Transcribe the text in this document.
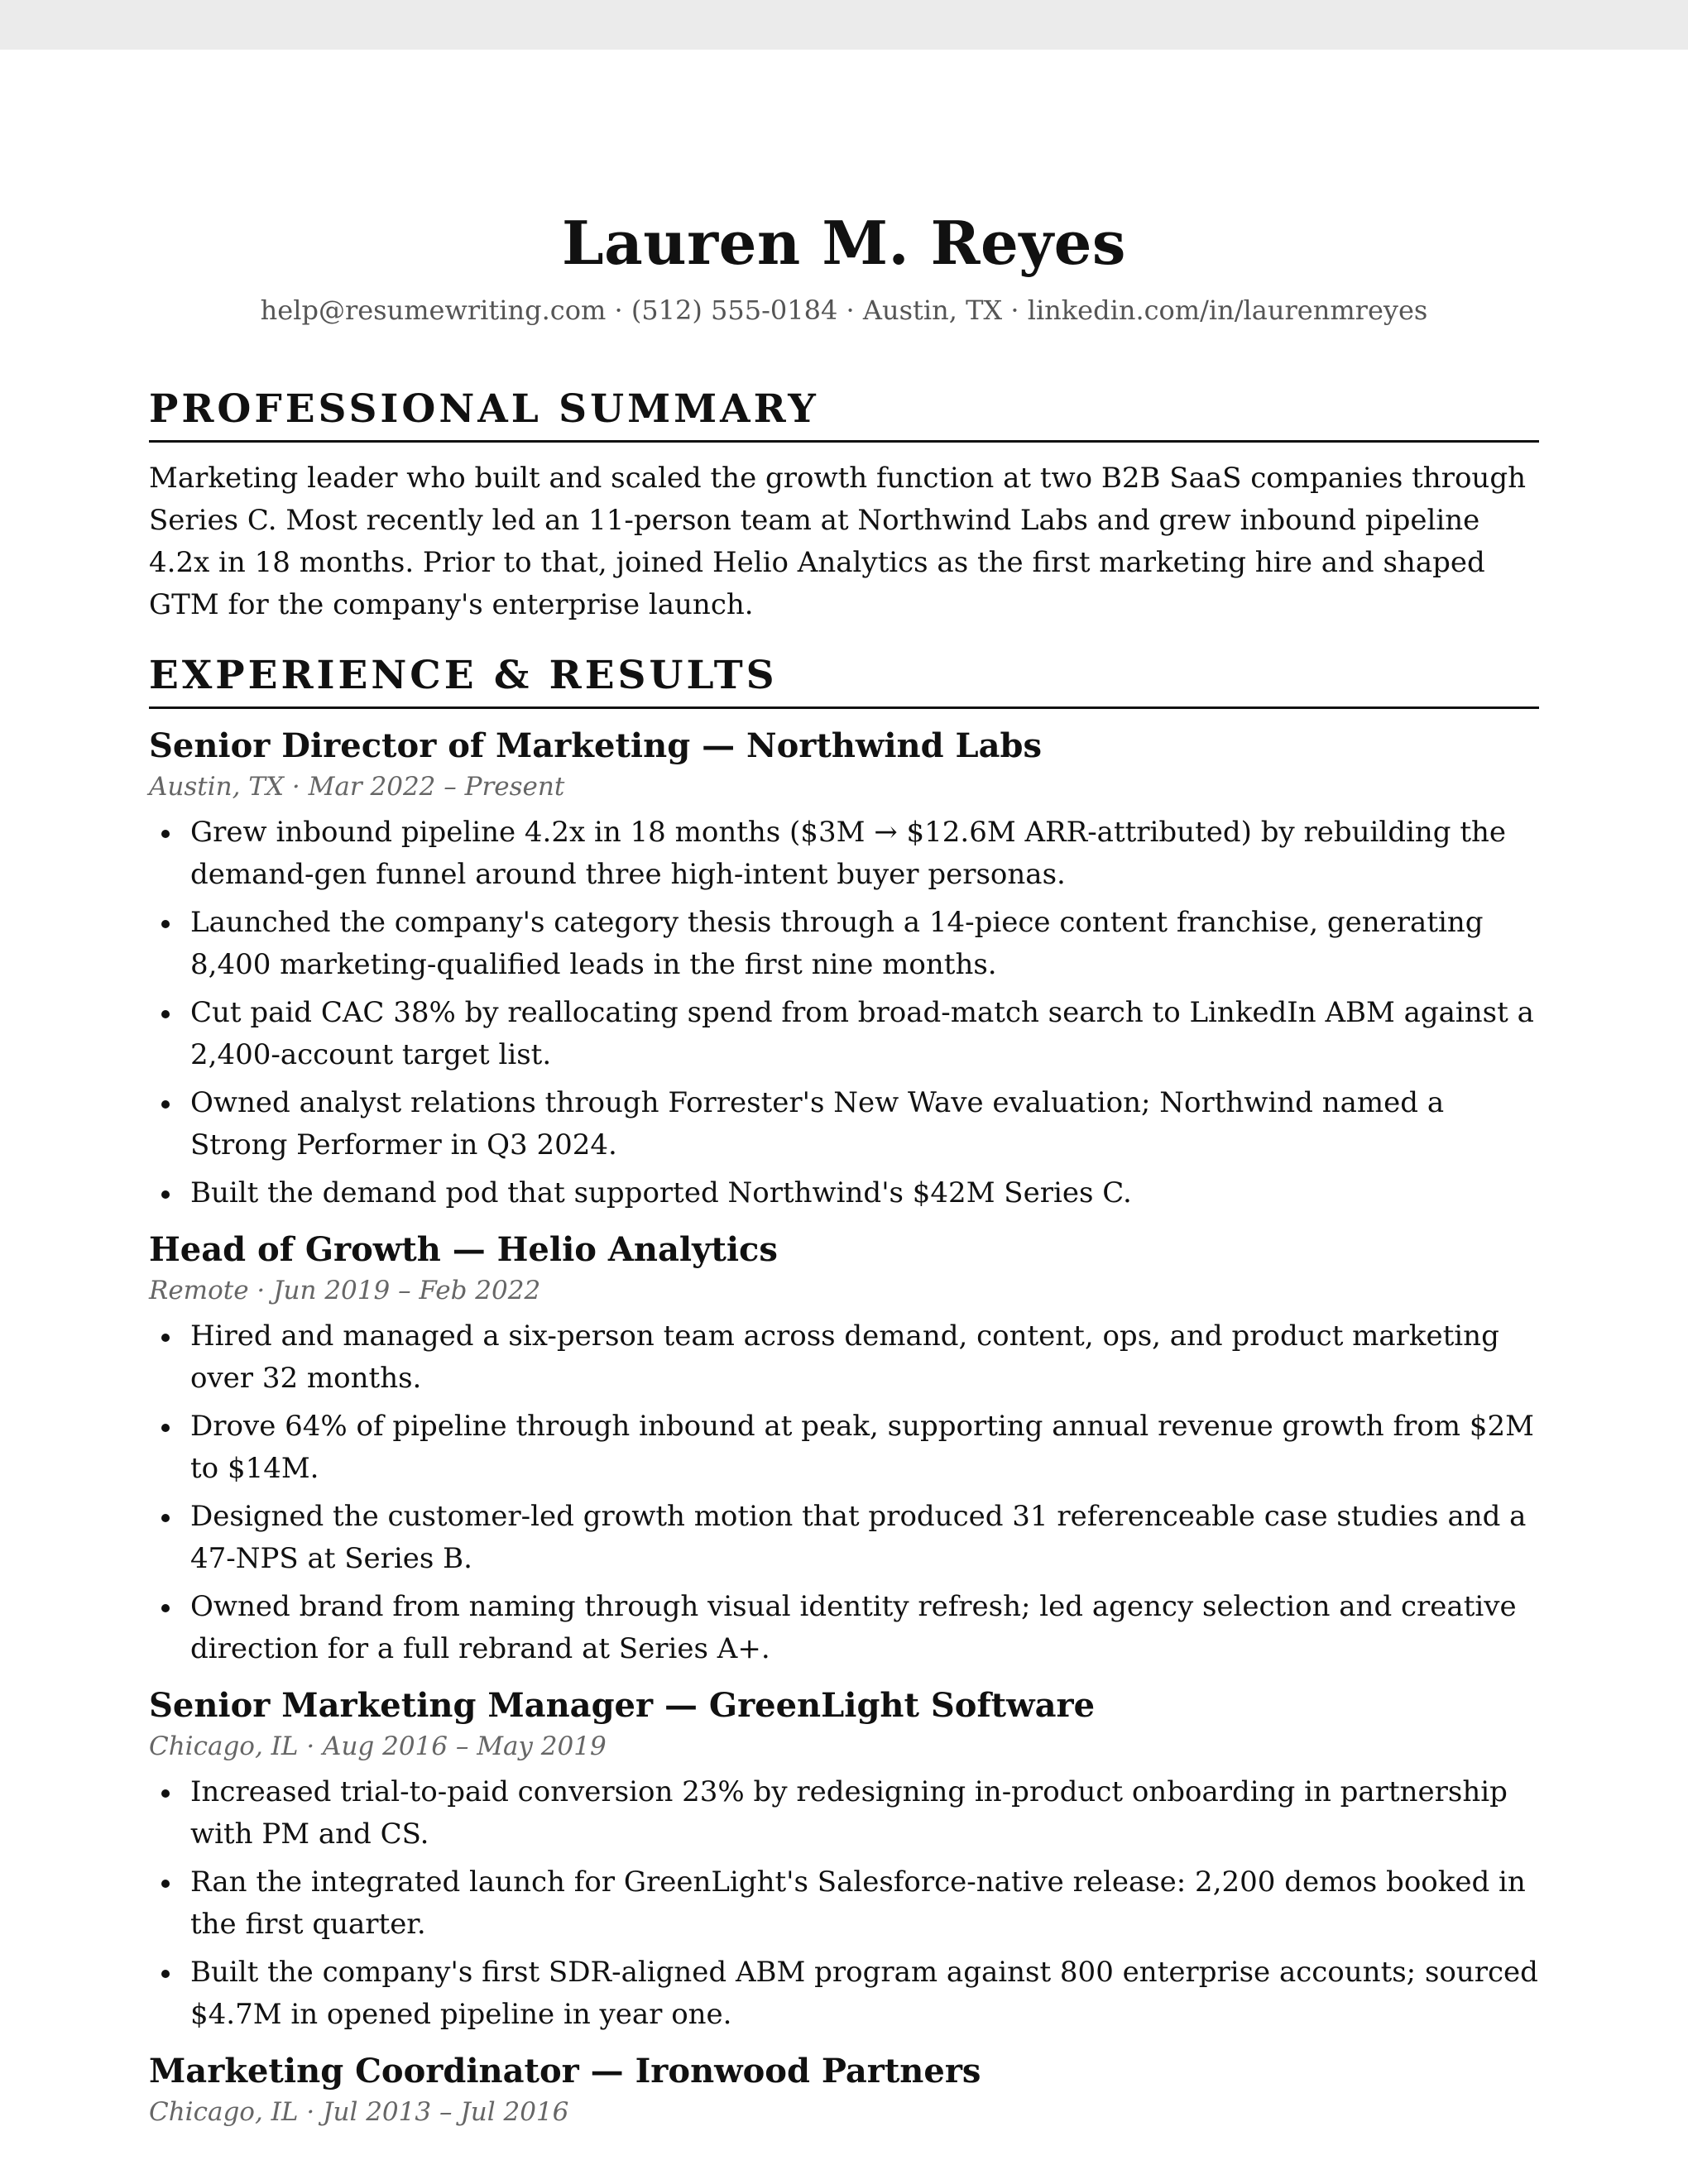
Lauren M. Reyes
help@resumewriting.com · (512) 555-0184 · Austin, TX · linkedin.com/in/laurenmreyes
PROFESSIONAL SUMMARY
Marketing leader who built and scaled the growth function at two B2B SaaS companies through Series C. Most recently led an 11-person team at Northwind Labs and grew inbound pipeline 4.2x in 18 months. Prior to that, joined Helio Analytics as the first marketing hire and shaped GTM for the company's enterprise launch.
EXPERIENCE & RESULTS
Senior Director of Marketing — Northwind Labs
Austin, TX · Mar 2022 – Present
Grew inbound pipeline 4.2x in 18 months ($3M → $12.6M ARR-attributed) by rebuilding the demand-gen funnel around three high-intent buyer personas.
Launched the company's category thesis through a 14-piece content franchise, generating 8,400 marketing-qualified leads in the first nine months.
Cut paid CAC 38% by reallocating spend from broad-match search to LinkedIn ABM against a 2,400-account target list.
Owned analyst relations through Forrester's New Wave evaluation; Northwind named a Strong Performer in Q3 2024.
Built the demand pod that supported Northwind's $42M Series C.
Head of Growth — Helio Analytics
Remote · Jun 2019 – Feb 2022
Hired and managed a six-person team across demand, content, ops, and product marketing over 32 months.
Drove 64% of pipeline through inbound at peak, supporting annual revenue growth from $2M to $14M.
Designed the customer-led growth motion that produced 31 referenceable case studies and a 47-NPS at Series B.
Owned brand from naming through visual identity refresh; led agency selection and creative direction for a full rebrand at Series A+.
Senior Marketing Manager — GreenLight Software
Chicago, IL · Aug 2016 – May 2019
Increased trial-to-paid conversion 23% by redesigning in-product onboarding in partnership with PM and CS.
Ran the integrated launch for GreenLight's Salesforce-native release: 2,200 demos booked in the first quarter.
Built the company's first SDR-aligned ABM program against 800 enterprise accounts; sourced $4.7M in opened pipeline in year one.
Marketing Coordinator — Ironwood Partners
Chicago, IL · Jul 2013 – Jul 2016
